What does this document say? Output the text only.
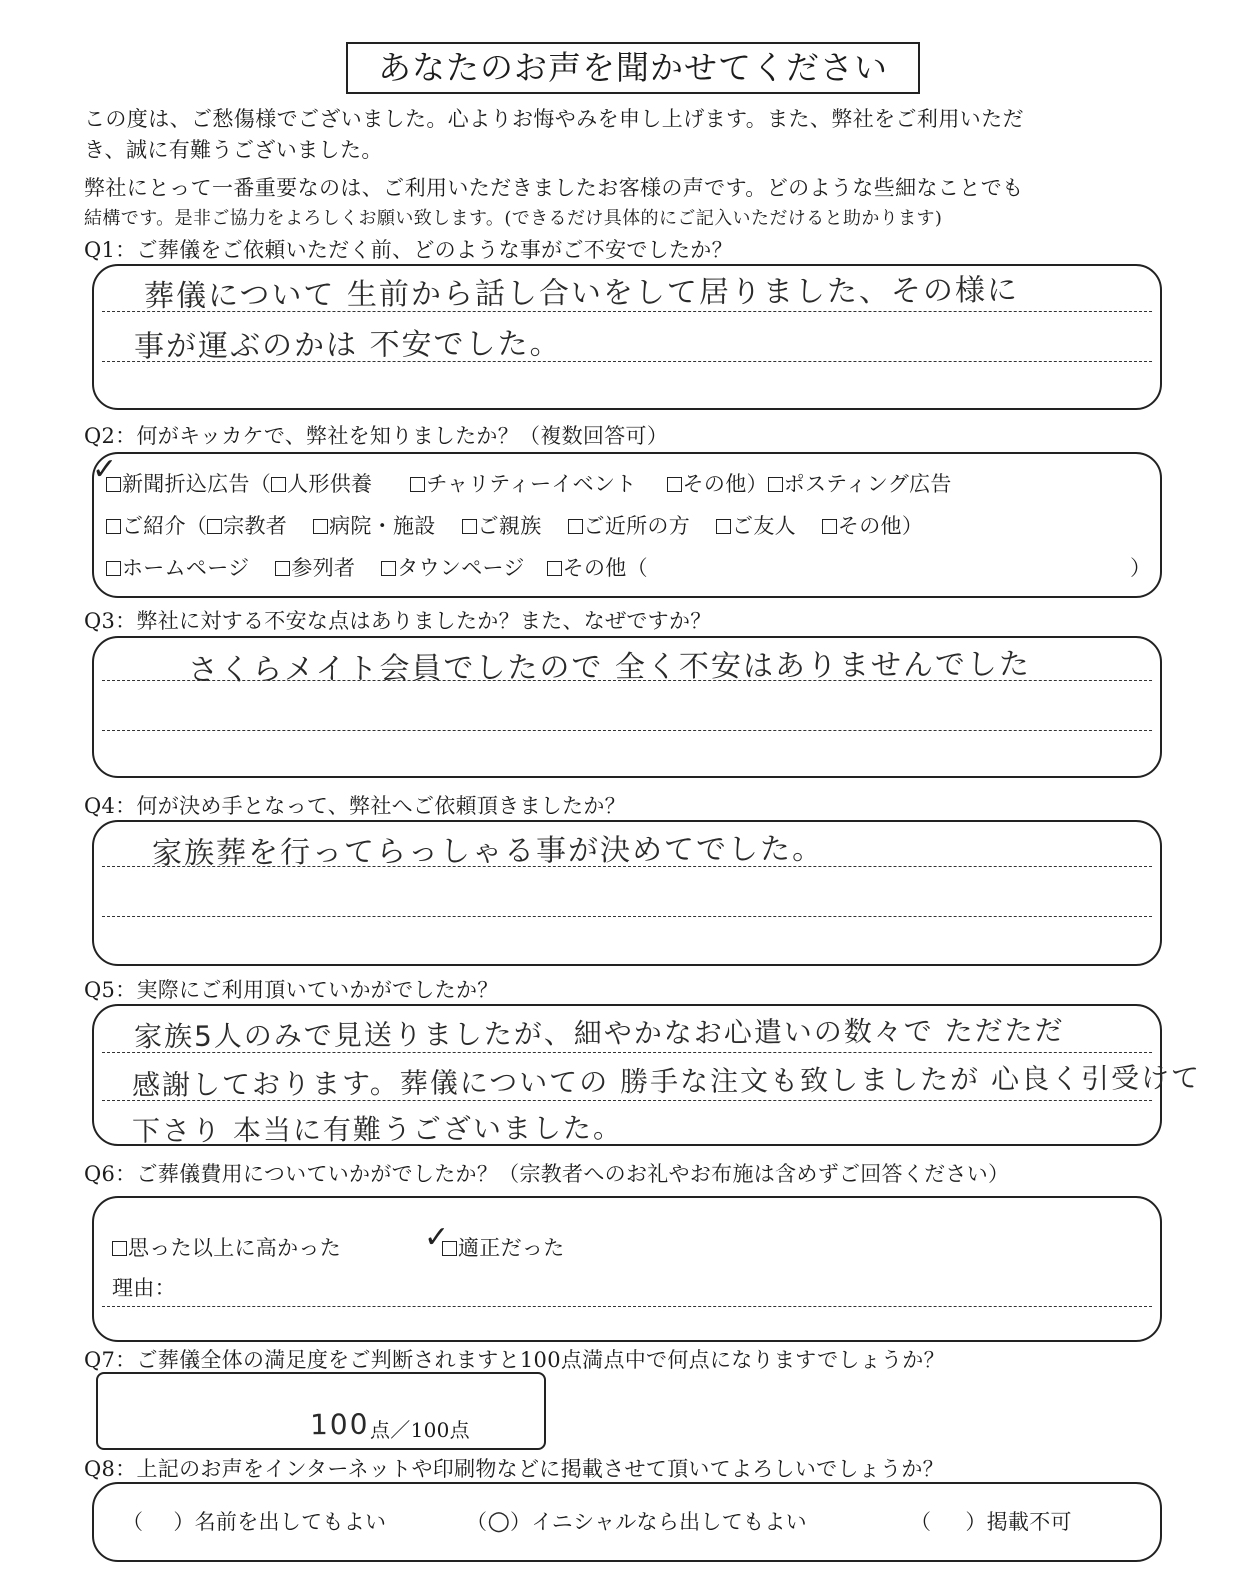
あなたのお声を聞かせてください
この度は、ご愁傷様でございました。心よりお悔やみを申し上げます。また、弊社をご利用いただ
き、誠に有難うございました。
弊社にとって一番重要なのは、ご利用いただきましたお客様の声です。どのような些細なことでも
結構です。是非ご協力をよろしくお願い致します。(できるだけ具体的にご記入いただけると助かります)
Q1：ご葬儀をご依頼いただく前、どのような事がご不安でしたか？
葬儀について 生前から話し合いをして居りました、その様に
事が運ぶのかは 不安でした。
Q2：何がキッカケで、弊社を知りましたか？（複数回答可）
新聞折込広告（ 人形供養	チャリティーイベント その他） ポスティング広告
✓
ご紹介（ 宗教者 病院・施設 ご親族 ご近所の方 ご友人 その他）
ホームページ 参列者 タウンページ その他（	）
Q3：弊社に対する不安な点はありましたか？また、なぜですか？
さくらメイト会員でしたので 全く不安はありませんでした
Q4：何が決め手となって、弊社へご依頼頂きましたか？
家族葬を行ってらっしゃる事が決めてでした。
Q5：実際にご利用頂いていかがでしたか？
家族5人のみで見送りましたが、細やかなお心遣いの数々で ただただ
感謝しております。葬儀についての 勝手な注文も致しましたが 心良く引受けて
下さり 本当に有難うございました。
Q6：ご葬儀費用についていかがでしたか？（宗教者へのお礼やお布施は含めずご回答ください）
思った以上に高かった	適正だった
✓
理由：
Q7：ご葬儀全体の満足度をご判断されますと100点満点中で何点になりますでしょうか？
100 点／100点
Q8：上記のお声をインターネットや印刷物などに掲載させて頂いてよろしいでしょうか？
（ ）名前を出してもよい	（○）イニシャルなら出してもよい	（ ）掲載不可
